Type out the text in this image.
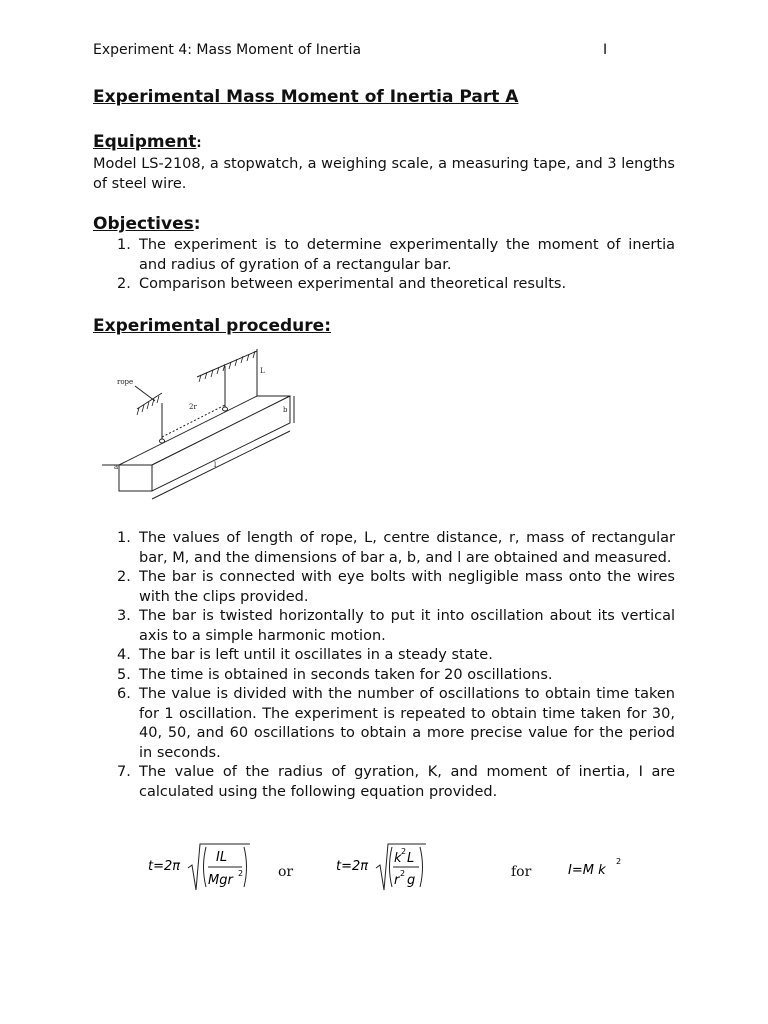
Experiment 4: Mass Moment of Inertia	I
Experimental Mass Moment of Inertia Part A
Equipment:
Model LS-2108, a stopwatch, a weighing scale, a measuring tape, and 3 lengths of steel wire.
Objectives:
1. The experiment is to determine experimentally the moment of inertia and radius of gyration of a rectangular bar.
2. Comparison between experimental and theoretical results.
Experimental procedure:
rope
L
2r	b
a	l
1. The values of length of rope, L, centre distance, r, mass of rectangular bar, M, and the dimensions of bar a, b, and l are obtained and measured.
2. The bar is connected with eye bolts with negligible mass onto the wires with the clips provided.
3. The bar is twisted horizontally to put it into oscillation about its vertical axis to a simple harmonic motion.
4. The bar is left until it oscillates in a steady state.
5. The time is obtained in seconds taken for 20 oscillations.
6. The value is divided with the number of oscillations to obtain time taken for 1 oscillation. The experiment is repeated to obtain time taken for 30, 40, 50, and 60 oscillations to obtain a more precise value for the period in seconds.
7. The value of the radius of gyration, K, and moment of inertia, I are calculated using the following equation provided.
t=2π
IL
Mgr 2 or	t=2π
k 2 L
r 2 g
for	I=M k
2
